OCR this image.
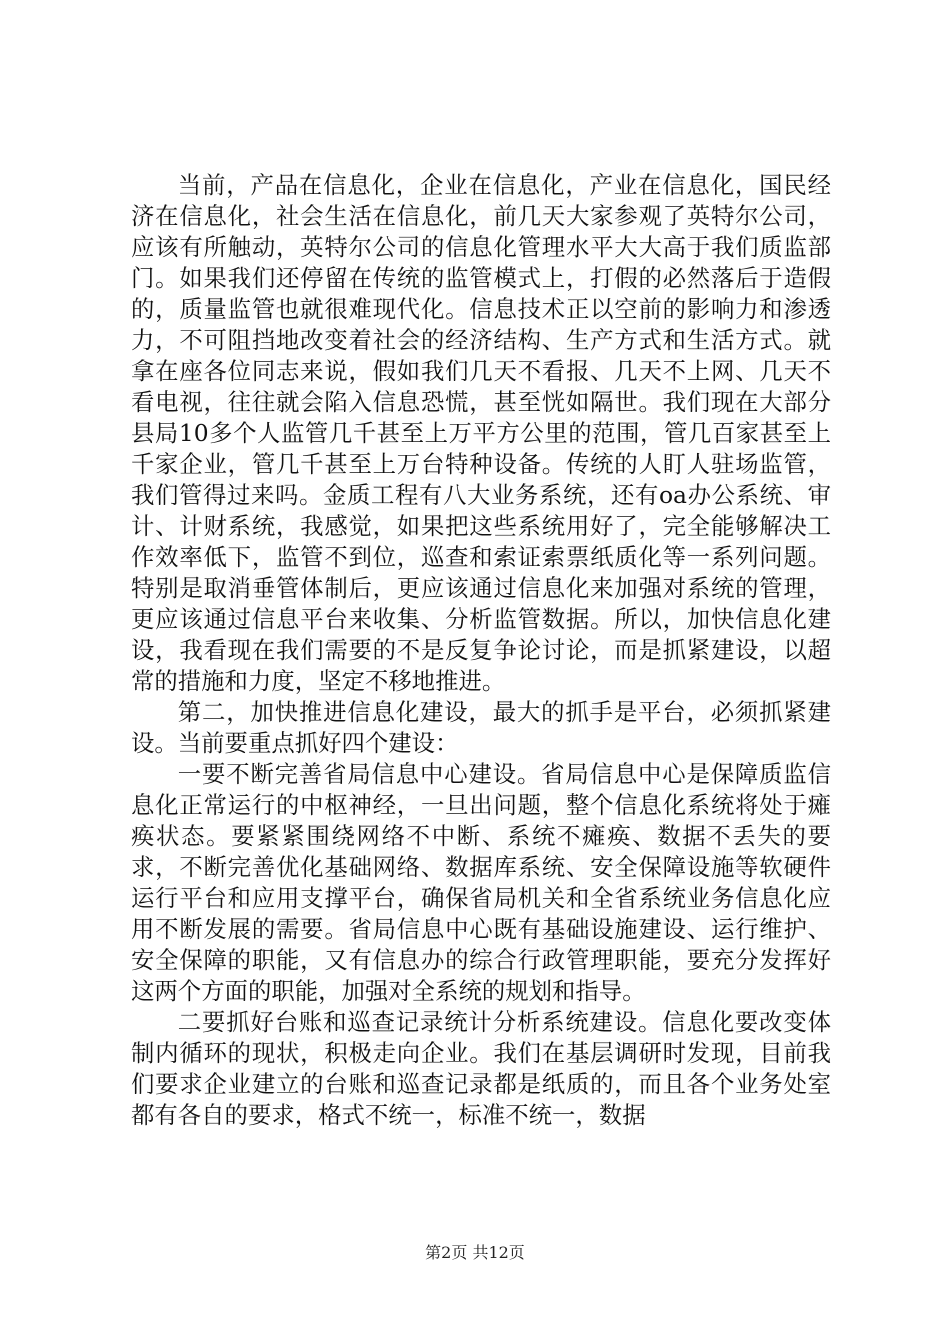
当前，产品在信息化，企业在信息化，产业在信息化，国民经济在信息化，社会生活在信息化，前几天大家参观了英特尔公司，应该有所触动，英特尔公司的信息化管理水平大大高于我们质监部门。如果我们还停留在传统的监管模式上，打假的必然落后于造假的，质量监管也就很难现代化。信息技术正以空前的影响力和渗透力，不可阻挡地改变着社会的经济结构、生产方式和生活方式。就拿在座各位同志来说，假如我们几天不看报、几天不上网、几天不看电视，往往就会陷入信息恐慌，甚至恍如隔世。我们现在大部分县局10多个人监管几千甚至上万平方公里的范围，管几百家甚至上千家企业，管几千甚至上万台特种设备。传统的人盯人驻场监管，我们管得过来吗。金质工程有八大业务系统，还有oa办公系统、审计、计财系统，我感觉，如果把这些系统用好了，完全能够解决工作效率低下，监管不到位，巡查和索证索票纸质化等一系列问题。特别是取消垂管体制后，更应该通过信息化来加强对系统的管理，更应该通过信息平台来收集、分析监管数据。所以，加快信息化建设，我看现在我们需要的不是反复争论讨论，而是抓紧建设，以超常的措施和力度，坚定不移地推进。

第二，加快推进信息化建设，最大的抓手是平台，必须抓紧建设。当前要重点抓好四个建设：

一要不断完善省局信息中心建设。省局信息中心是保障质监信息化正常运行的中枢神经，一旦出问题，整个信息化系统将处于瘫痪状态。要紧紧围绕网络不中断、系统不瘫痪、数据不丢失的要求，不断完善优化基础网络、数据库系统、安全保障设施等软硬件运行平台和应用支撑平台，确保省局机关和全省系统业务信息化应用不断发展的需要。省局信息中心既有基础设施建设、运行维护、安全保障的职能，又有信息办的综合行政管理职能，要充分发挥好这两个方面的职能，加强对全系统的规划和指导。

二要抓好台账和巡查记录统计分析系统建设。信息化要改变体制内循环的现状，积极走向企业。我们在基层调研时发现，目前我们要求企业建立的台账和巡查记录都是纸质的，而且各个业务处室都有各自的要求，格式不统一，标准不统一，数据

第2页 共12页
